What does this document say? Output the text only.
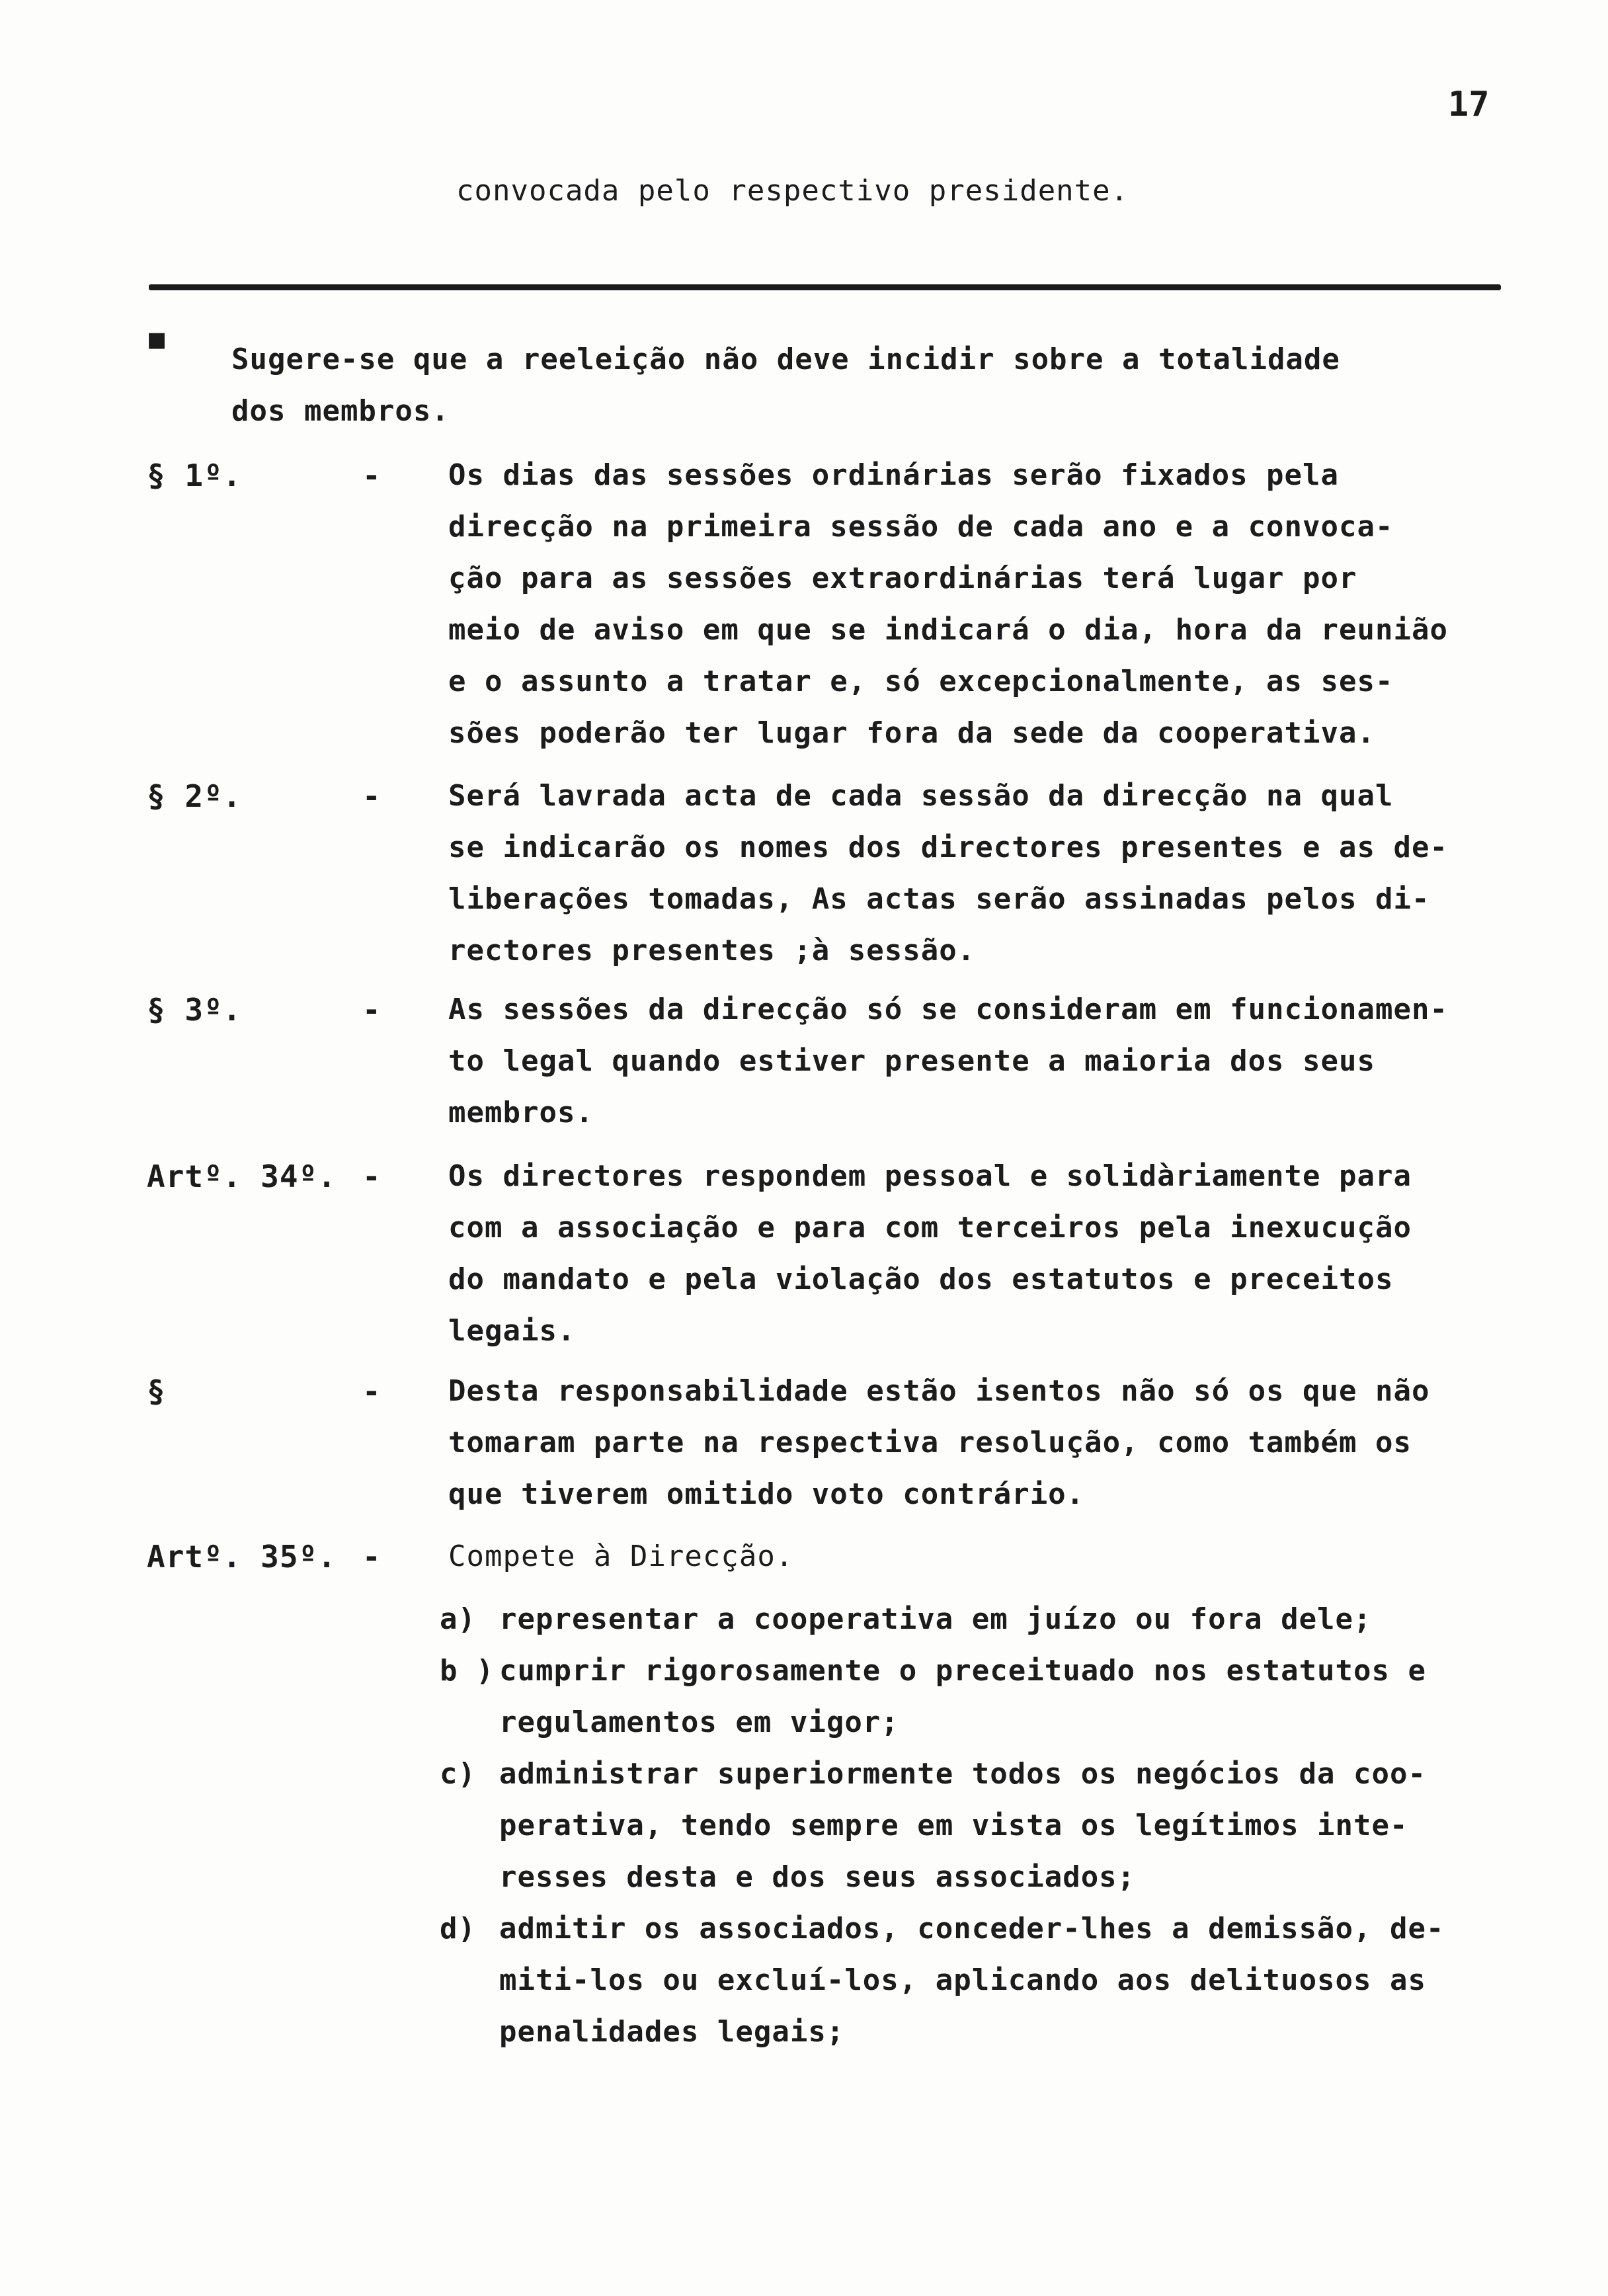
17
convocada pelo respectivo presidente.
■
Sugere-se que a reeleição não deve incidir sobre a totalidade
dos membros.
§ 1º.	- Os dias das sessões ordinárias serão fixados pela
direcção na primeira sessão de cada ano e a convoca-
ção para as sessões extraordinárias terá lugar por
meio de aviso em que se indicará o dia, hora da reunião
e o assunto a tratar e, só excepcionalmente, as ses-
sões poderão ter lugar fora da sede da cooperativa.
§ 2º.	- Será lavrada acta de cada sessão da direcção na qual
se indicarão os nomes dos directores presentes e as de-
liberações tomadas, As actas serão assinadas pelos di-
rectores presentes ;à sessão.
§ 3º.	- As sessões da direcção só se consideram em funcionamen-
to legal quando estiver presente a maioria dos seus
membros.
Artº. 34º. - Os directores respondem pessoal e solidàriamente para
com a associação e para com terceiros pela inexucução
do mandato e pela violação dos estatutos e preceitos
legais.
§	- Desta responsabilidade estão isentos não só os que não
tomaram parte na respectiva resolução, como também os
que tiverem omitido voto contrário.
Artº. 35º. - Compete à Direcção.
a) representar a cooperativa em juízo ou fora dele;
b ) cumprir rigorosamente o preceituado nos estatutos e
regulamentos em vigor;
c) administrar superiormente todos os negócios da coo-
perativa, tendo sempre em vista os legítimos inte-
resses desta e dos seus associados;
d) admitir os associados, conceder-lhes a demissão, de-
miti-los ou excluí-los, aplicando aos delituosos as
penalidades legais;
